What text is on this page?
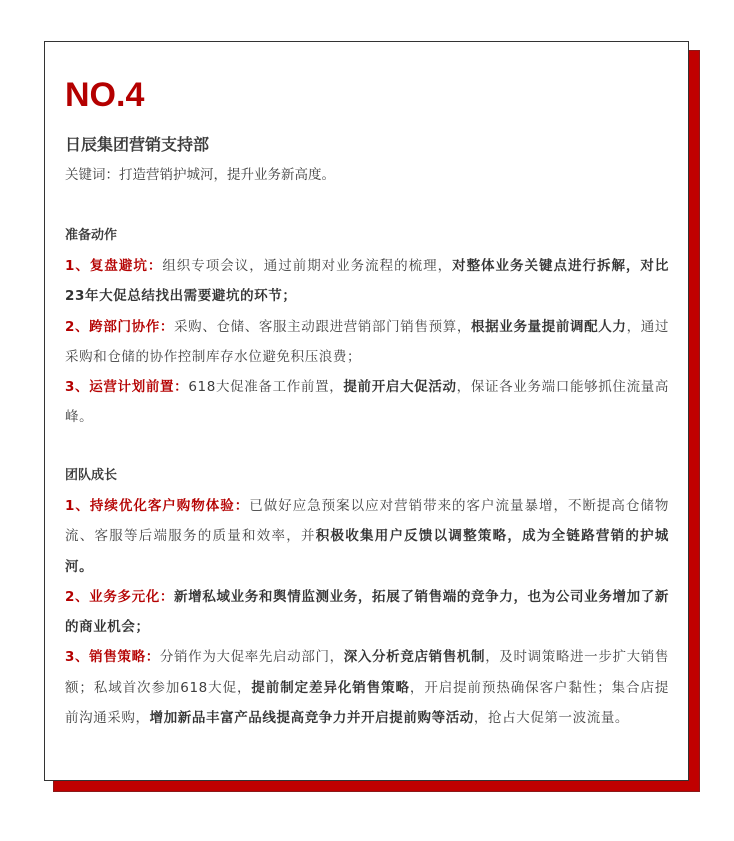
NO.4
日辰集团营销支持部
关键词：打造营销护城河，提升业务新高度。
准备动作

1、复盘避坑：组织专项会议，通过前期对业务流程的梳理，对整体业务关键点进行拆解，对比23年大促总结找出需要避坑的环节；

2、跨部门协作：采购、仓储、客服主动跟进营销部门销售预算，根据业务量提前调配人力，通过采购和仓储的协作控制库存水位避免积压浪费；

3、运营计划前置：618大促准备工作前置，提前开启大促活动，保证各业务端口能够抓住流量高峰。

团队成长

1、持续优化客户购物体验：已做好应急预案以应对营销带来的客户流量暴增，不断提高仓储物流、客服等后端服务的质量和效率，并积极收集用户反馈以调整策略，成为全链路营销的护城河。

2、业务多元化：新增私域业务和舆情监测业务，拓展了销售端的竞争力，也为公司业务增加了新的商业机会；

3、销售策略：分销作为大促率先启动部门，深入分析竞店销售机制，及时调策略进一步扩大销售额；私域首次参加618大促，提前制定差异化销售策略，开启提前预热确保客户黏性；集合店提前沟通采购，增加新品丰富产品线提高竞争力并开启提前购等活动，抢占大促第一波流量。
